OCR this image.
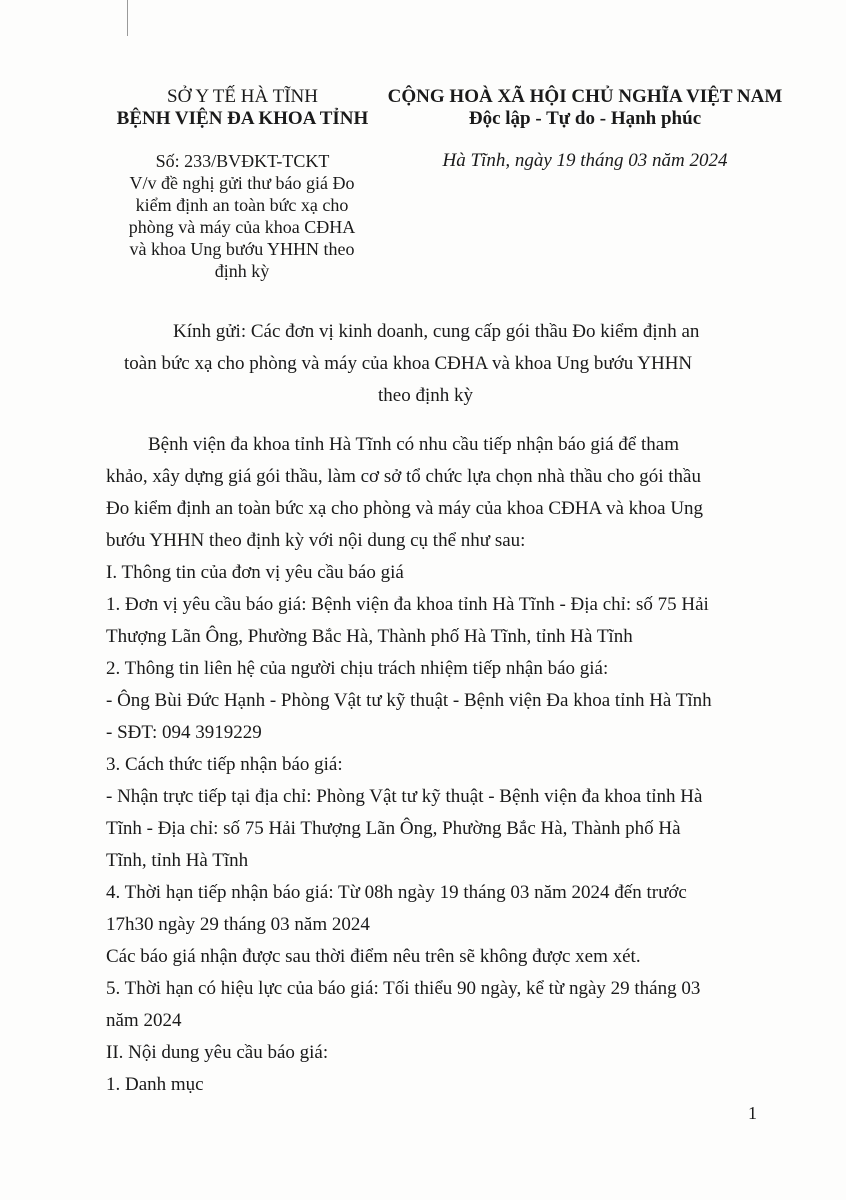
SỞ Y TẾ HÀ TĨNH
BỆNH VIỆN ĐA KHOA TỈNH
Số: 233/BVĐKT-TCKT
V/v đề nghị gửi thư báo giá Đo
kiểm định an toàn bức xạ cho
phòng và máy của khoa CĐHA
và khoa Ung bướu YHHN theo
định kỳ
CỘNG HOÀ XÃ HỘI CHỦ NGHĨA VIỆT NAM
Độc lập - Tự do - Hạnh phúc
Hà Tĩnh, ngày 19 tháng 03 năm 2024
Kính gửi: Các đơn vị kinh doanh, cung cấp gói thầu Đo kiểm định an
toàn bức xạ cho phòng và máy của khoa CĐHA và khoa Ung bướu YHHN
theo định kỳ
Bệnh viện đa khoa tỉnh Hà Tĩnh có nhu cầu tiếp nhận báo giá để tham
khảo, xây dựng giá gói thầu, làm cơ sở tổ chức lựa chọn nhà thầu cho gói thầu
Đo kiểm định an toàn bức xạ cho phòng và máy của khoa CĐHA và khoa Ung
bướu YHHN theo định kỳ với nội dung cụ thể như sau:
I. Thông tin của đơn vị yêu cầu báo giá
1. Đơn vị yêu cầu báo giá: Bệnh viện đa khoa tỉnh Hà Tĩnh - Địa chỉ: số 75 Hải
Thượng Lãn Ông, Phường Bắc Hà, Thành phố Hà Tĩnh, tỉnh Hà Tĩnh
2. Thông tin liên hệ của người chịu trách nhiệm tiếp nhận báo giá:
- Ông Bùi Đức Hạnh - Phòng Vật tư kỹ thuật - Bệnh viện Đa khoa tỉnh Hà Tĩnh
- SĐT: 094 3919229
3. Cách thức tiếp nhận báo giá:
- Nhận trực tiếp tại địa chỉ: Phòng Vật tư kỹ thuật - Bệnh viện đa khoa tỉnh Hà
Tĩnh - Địa chỉ: số 75 Hải Thượng Lãn Ông, Phường Bắc Hà, Thành phố Hà
Tĩnh, tỉnh Hà Tĩnh
4. Thời hạn tiếp nhận báo giá: Từ 08h ngày 19 tháng 03 năm 2024 đến trước
17h30 ngày 29 tháng 03 năm 2024
Các báo giá nhận được sau thời điểm nêu trên sẽ không được xem xét.
5. Thời hạn có hiệu lực của báo giá: Tối thiểu 90 ngày, kể từ ngày 29 tháng 03
năm 2024
II. Nội dung yêu cầu báo giá:
1. Danh mục
1
